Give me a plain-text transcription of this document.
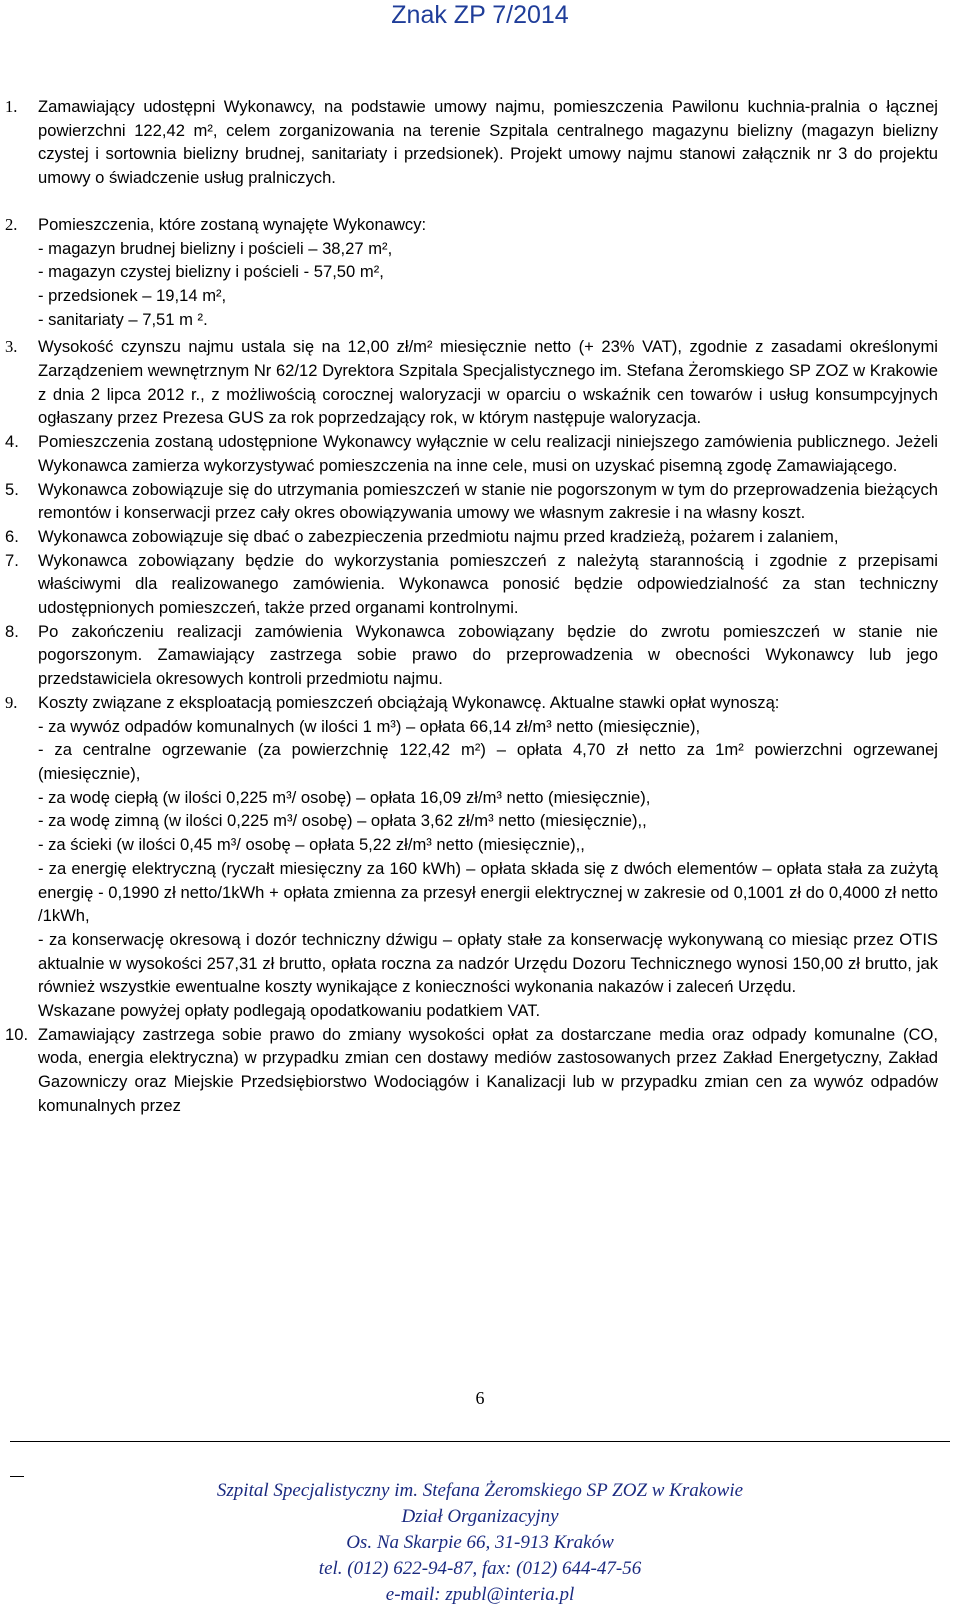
Znak ZP 7/2014
1. Zamawiający udostępni Wykonawcy, na podstawie umowy najmu, pomieszczenia Pawilonu kuchnia-pralnia o łącznej powierzchni 122,42 m², celem zorganizowania na terenie Szpitala centralnego magazynu bielizny (magazyn bielizny czystej i sortownia bielizny brudnej, sanitariaty i przedsionek). Projekt umowy najmu stanowi załącznik nr 3 do projektu umowy o świadczenie usług pralniczych.
2. Pomieszczenia, które zostaną wynajęte Wykonawcy:
- magazyn brudnej bielizny i pościeli – 38,27 m²,
- magazyn czystej bielizny i pościeli - 57,50 m²,
- przedsionek – 19,14 m²,
- sanitariaty – 7,51 m ².
3. Wysokość czynszu najmu ustala się na 12,00 zł/m² miesięcznie netto (+ 23% VAT), zgodnie z zasadami określonymi Zarządzeniem wewnętrznym Nr 62/12 Dyrektora Szpitala Specjalistycznego im. Stefana Żeromskiego SP ZOZ w Krakowie z dnia 2 lipca 2012 r., z możliwością corocznej waloryzacji w oparciu o wskaźnik cen towarów i usług konsumpcyjnych ogłaszany przez Prezesa GUS za rok poprzedzający rok, w którym następuje waloryzacja.
4. Pomieszczenia zostaną udostępnione Wykonawcy wyłącznie w celu realizacji niniejszego zamówienia publicznego. Jeżeli Wykonawca zamierza wykorzystywać pomieszczenia na inne cele, musi on uzyskać pisemną zgodę Zamawiającego.
5. Wykonawca zobowiązuje się do utrzymania pomieszczeń w stanie nie pogorszonym w tym do przeprowadzenia bieżących remontów i konserwacji przez cały okres obowiązywania umowy we własnym zakresie i na własny koszt.
6. Wykonawca zobowiązuje się dbać o zabezpieczenia przedmiotu najmu przed kradzieżą, pożarem i zalaniem,
7. Wykonawca zobowiązany będzie do wykorzystania pomieszczeń z należytą starannością i zgodnie z przepisami właściwymi dla realizowanego zamówienia. Wykonawca ponosić będzie odpowiedzialność za stan techniczny udostępnionych pomieszczeń, także przed organami kontrolnymi.
8. Po zakończeniu realizacji zamówienia Wykonawca zobowiązany będzie do zwrotu pomieszczeń w stanie nie pogorszonym. Zamawiający zastrzega sobie prawo do przeprowadzenia w obecności Wykonawcy lub jego przedstawiciela okresowych kontroli przedmiotu najmu.
9. Koszty związane z eksploatacją pomieszczeń obciążają Wykonawcę. Aktualne stawki opłat wynoszą:
- za wywóz odpadów komunalnych (w ilości 1 m³) – opłata 66,14 zł/m³ netto (miesięcznie),
- za centralne ogrzewanie (za powierzchnię 122,42 m²) – opłata 4,70 zł netto za 1m² powierzchni ogrzewanej (miesięcznie),
- za wodę ciepłą (w ilości 0,225 m³/ osobę) – opłata 16,09 zł/m³ netto (miesięcznie),
- za wodę zimną (w ilości 0,225 m³/ osobę) – opłata 3,62 zł/m³ netto (miesięcznie),,
- za ścieki (w ilości 0,45 m³/ osobę – opłata 5,22 zł/m³ netto (miesięcznie),,
- za energię elektryczną (ryczałt miesięczny za 160 kWh) – opłata składa się z dwóch elementów – opłata stała za zużytą energię - 0,1990 zł netto/1kWh + opłata zmienna za przesył energii elektrycznej w zakresie od 0,1001 zł do 0,4000 zł netto /1kWh,
- za konserwację okresową i dozór techniczny dźwigu – opłaty stałe za konserwację wykonywaną co miesiąc przez OTIS aktualnie w wysokości 257,31 zł brutto, opłata roczna za nadzór Urzędu Dozoru Technicznego wynosi 150,00 zł brutto, jak również wszystkie ewentualne koszty wynikające z konieczności wykonania nakazów i zaleceń Urzędu.
Wskazane powyżej opłaty podlegają opodatkowaniu podatkiem VAT.
10. Zamawiający zastrzega sobie prawo do zmiany wysokości opłat za dostarczane media oraz odpady komunalne (CO, woda, energia elektryczna) w przypadku zmian cen dostawy mediów zastosowanych przez Zakład Energetyczny, Zakład Gazowniczy oraz Miejskie Przedsiębiorstwo Wodociągów i Kanalizacji lub w przypadku zmian cen za wywóz odpadów komunalnych przez
6
Szpital Specjalistyczny im. Stefana Żeromskiego SP ZOZ w Krakowie
Dział Organizacyjny
Os. Na Skarpie 66, 31-913 Kraków
tel. (012) 622-94-87, fax: (012) 644-47-56
e-mail: zpubl@interia.pl
